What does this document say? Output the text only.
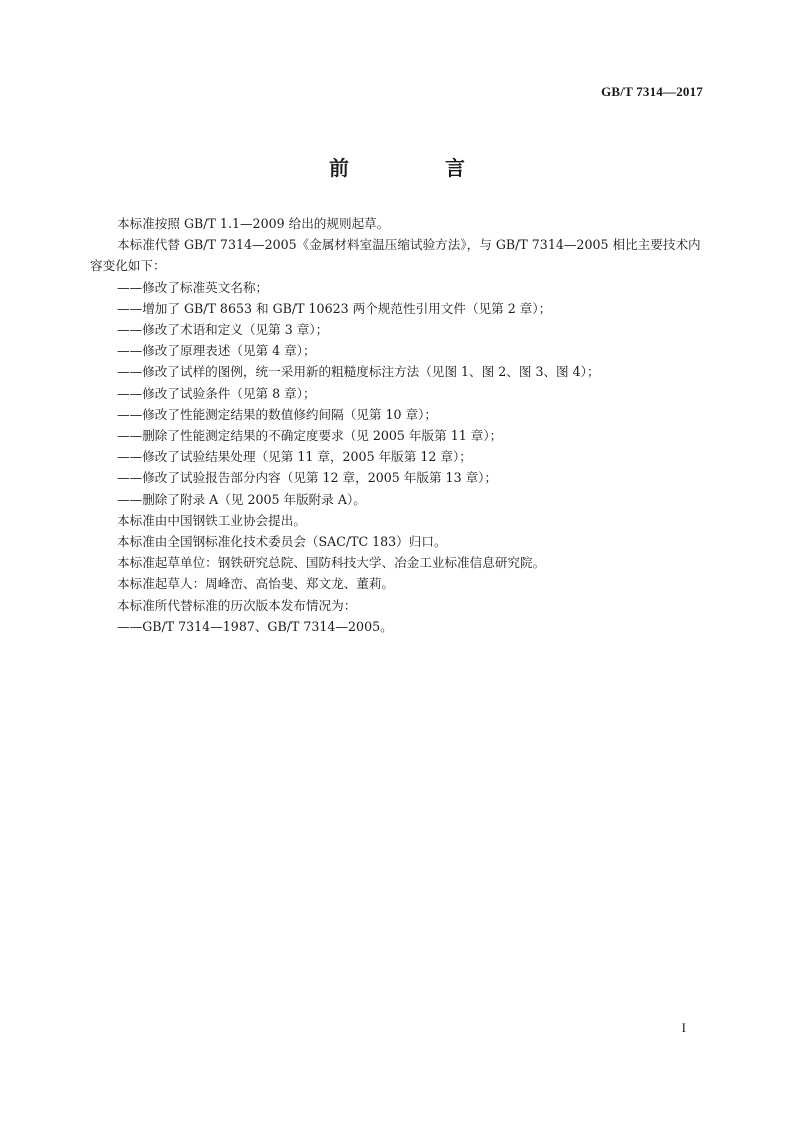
GB/T 7314—2017
前　言

本标准按照 GB/T 1.1—2009 给出的规则起草。

本标准代替 GB/T 7314—2005《金属材料室温压缩试验方法》，与 GB/T 7314—2005 相比主要技术内容变化如下：

——修改了标准英文名称；

——增加了 GB/T 8653 和 GB/T 10623 两个规范性引用文件（见第 2 章）；

——修改了术语和定义（见第 3 章）；

——修改了原理表述（见第 4 章）；

——修改了试样的图例，统一采用新的粗糙度标注方法（见图 1、图 2、图 3、图 4）；

——修改了试验条件（见第 8 章）；

——修改了性能测定结果的数值修约间隔（见第 10 章）；

——删除了性能测定结果的不确定度要求（见 2005 年版第 11 章）；

——修改了试验结果处理（见第 11 章，2005 年版第 12 章）；

——修改了试验报告部分内容（见第 12 章，2005 年版第 13 章）；

——删除了附录 A（见 2005 年版附录 A）。

本标准由中国钢铁工业协会提出。

本标准由全国钢标准化技术委员会（SAC/TC 183）归口。

本标准起草单位：钢铁研究总院、国防科技大学、冶金工业标准信息研究院。

本标准起草人：周峰峦、高怡斐、郑文龙、董莉。

本标准所代替标准的历次版本发布情况为：

——GB/T 7314—1987、GB/T 7314—2005。

I
